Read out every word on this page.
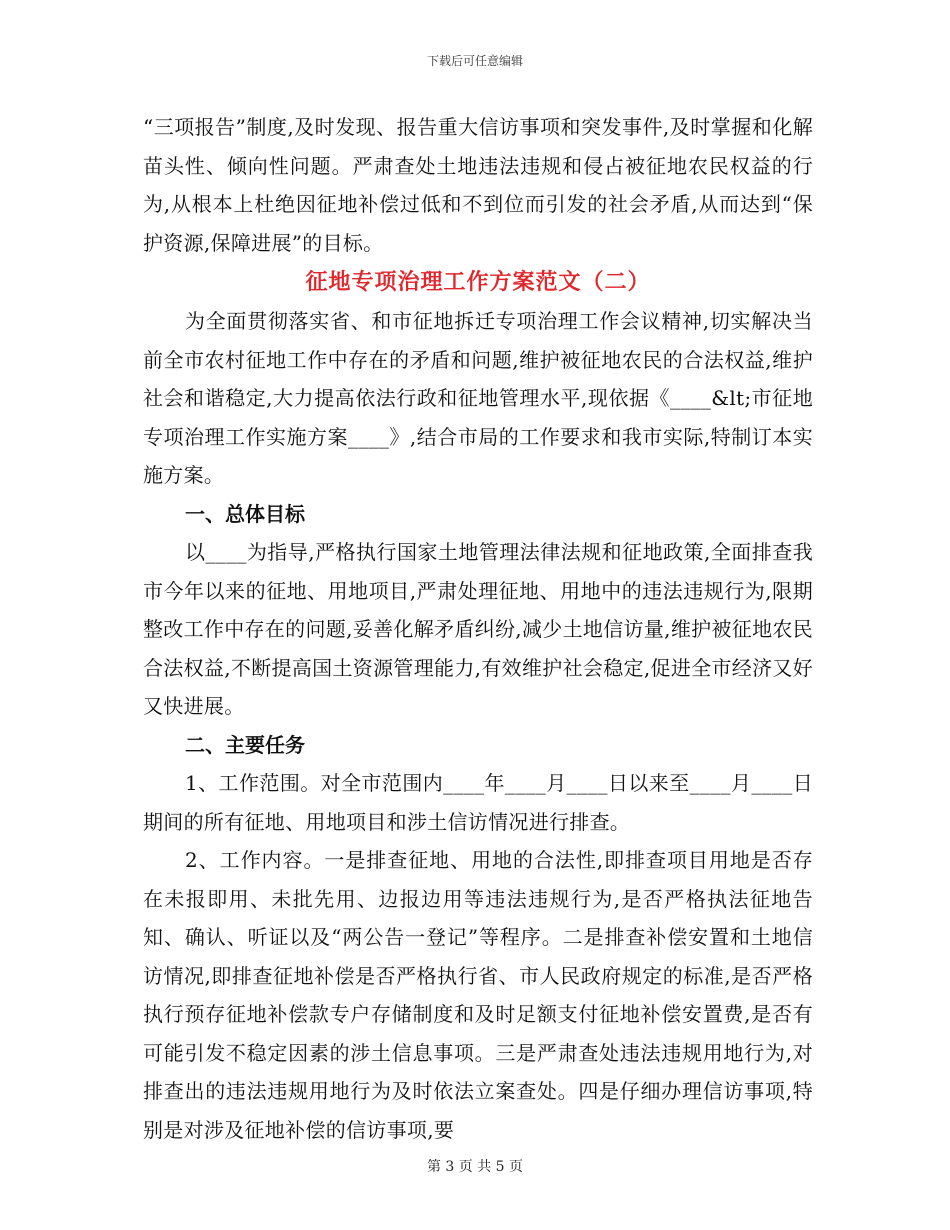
下载后可任意编辑

“三项报告”制度,及时发现、报告重大信访事项和突发事件,及时掌握和化解苗头性、倾向性问题。严肃查处土地违法违规和侵占被征地农民权益的行为,从根本上杜绝因征地补偿过低和不到位而引发的社会矛盾,从而达到“保护资源,保障进展”的目标。

征地专项治理工作方案范文（二）

为全面贯彻落实省、和市征地拆迁专项治理工作会议精神,切实解决当前全市农村征地工作中存在的矛盾和问题,维护被征地农民的合法权益,维护社会和谐稳定,大力提高依法行政和征地管理水平,现依据《____&lt;市征地专项治理工作实施方案____》,结合市局的工作要求和我市实际,特制订本实施方案。

一、总体目标

以____为指导,严格执行国家土地管理法律法规和征地政策,全面排查我市今年以来的征地、用地项目,严肃处理征地、用地中的违法违规行为,限期整改工作中存在的问题,妥善化解矛盾纠纷,减少土地信访量,维护被征地农民合法权益,不断提高国土资源管理能力,有效维护社会稳定,促进全市经济又好又快进展。

二、主要任务

1、工作范围。对全市范围内____年____月____日以来至____月____日期间的所有征地、用地项目和涉土信访情况进行排查。

2、工作内容。一是排查征地、用地的合法性,即排查项目用地是否存在未报即用、未批先用、边报边用等违法违规行为,是否严格执法征地告知、确认、听证以及“两公告一登记”等程序。二是排查补偿安置和土地信访情况,即排查征地补偿是否严格执行省、市人民政府规定的标准,是否严格执行预存征地补偿款专户存储制度和及时足额支付征地补偿安置费,是否有可能引发不稳定因素的涉土信息事项。三是严肃查处违法违规用地行为,对排查出的违法违规用地行为及时依法立案查处。四是仔细办理信访事项,特别是对涉及征地补偿的信访事项,要

第 3 页 共 5 页
